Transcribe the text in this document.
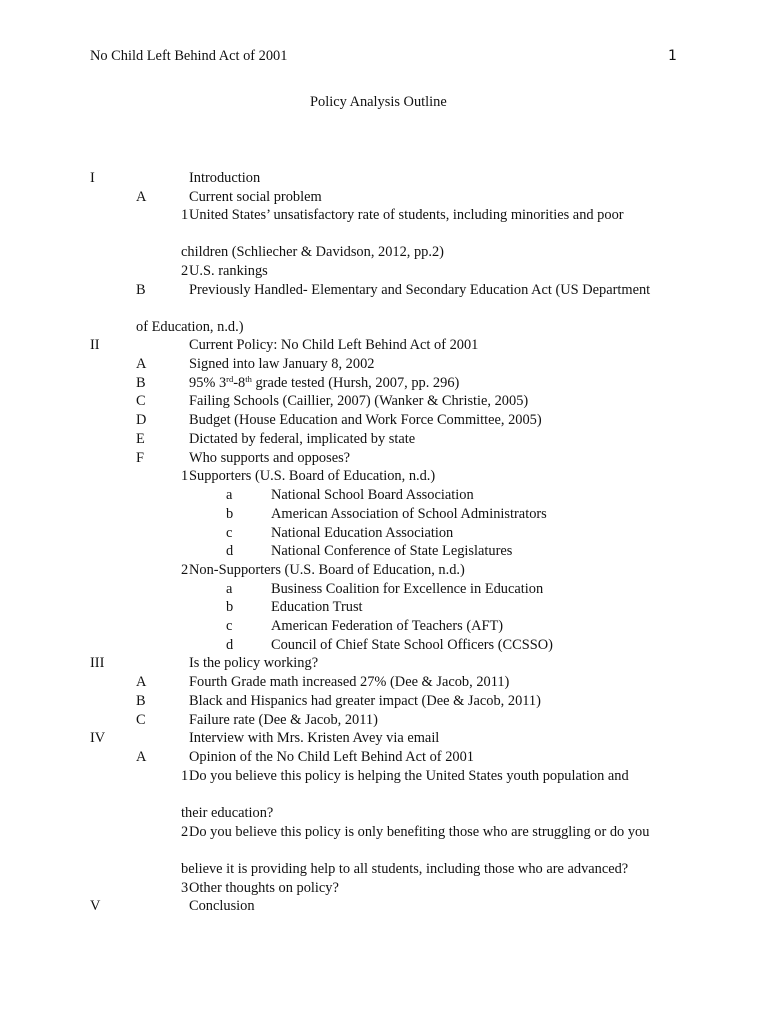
No Child Left Behind Act of 2001	1
Policy Analysis Outline
I	Introduction
A	Current social problem
1 United States’ unsatisfactory rate of students, including minorities and poor
children (Schliecher & Davidson, 2012, pp.2)
2 U.S. rankings
B	Previously Handled- Elementary and Secondary Education Act (US Department
of Education, n.d.)
II	Current Policy: No Child Left Behind Act of 2001
A	Signed into law January 8, 2002
B	95% 3rd-8th grade tested (Hursh, 2007, pp. 296)
C	Failing Schools (Caillier, 2007) (Wanker & Christie, 2005)
D	Budget (House Education and Work Force Committee, 2005)
E	Dictated by federal, implicated by state
F	Who supports and opposes?
1 Supporters (U.S. Board of Education, n.d.)
a	National School Board Association
b	American Association of School Administrators
c	National Education Association
d	National Conference of State Legislatures
2 Non-Supporters (U.S. Board of Education, n.d.)
a	Business Coalition for Excellence in Education
b	Education Trust
c	American Federation of Teachers (AFT)
d	Council of Chief State School Officers (CCSSO)
III	Is the policy working?
A	Fourth Grade math increased 27% (Dee & Jacob, 2011)
B	Black and Hispanics had greater impact (Dee & Jacob, 2011)
C	Failure rate (Dee & Jacob, 2011)
IV	Interview with Mrs. Kristen Avey via email
A	Opinion of the No Child Left Behind Act of 2001
1 Do you believe this policy is helping the United States youth population and
their education?
2 Do you believe this policy is only benefiting those who are struggling or do you
believe it is providing help to all students, including those who are advanced?
3 Other thoughts on policy?
V	Conclusion
